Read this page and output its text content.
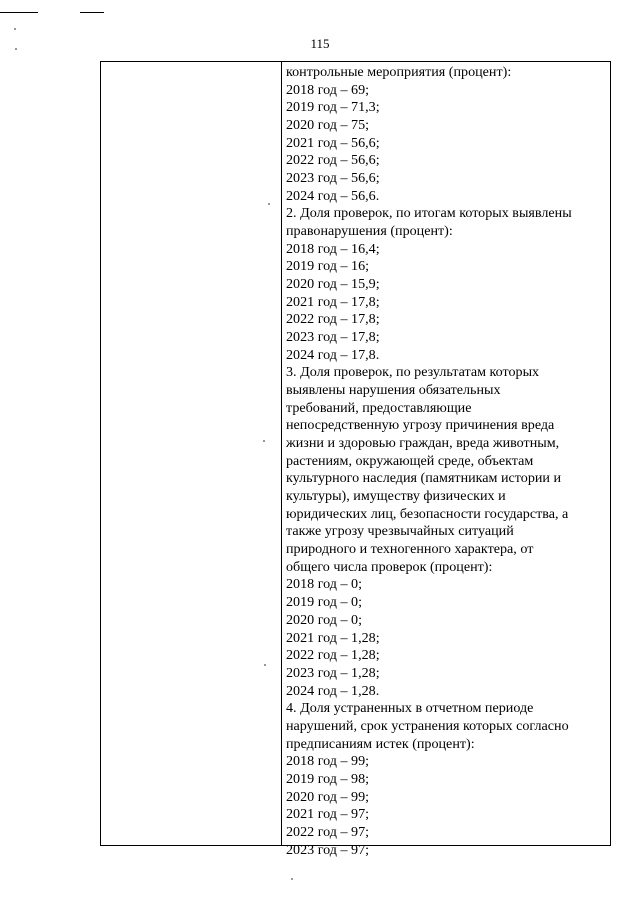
115
контрольные мероприятия (процент):
2018 год – 69;
2019 год – 71,3;
2020 год – 75;
2021 год – 56,6;
2022 год – 56,6;
2023 год – 56,6;
2024 год – 56,6.
2. Доля проверок, по итогам которых выявлены
правонарушения (процент):
2018 год – 16,4;
2019 год – 16;
2020 год – 15,9;
2021 год – 17,8;
2022 год – 17,8;
2023 год – 17,8;
2024 год – 17,8.
3. Доля проверок, по результатам которых
выявлены нарушения обязательных
требований, предоставляющие
непосредственную угрозу причинения вреда
жизни и здоровью граждан, вреда животным,
растениям, окружающей среде, объектам
культурного наследия (памятникам истории и
культуры), имуществу физических и
юридических лиц, безопасности государства, а
также угрозу чрезвычайных ситуаций
природного и техногенного характера, от
общего числа проверок (процент):
2018 год – 0;
2019 год – 0;
2020 год – 0;
2021 год – 1,28;
2022 год – 1,28;
2023 год – 1,28;
2024 год – 1,28.
4. Доля устраненных в отчетном периоде
нарушений, срок устранения которых согласно
предписаниям истек (процент):
2018 год – 99;
2019 год – 98;
2020 год – 99;
2021 год – 97;
2022 год – 97;
2023 год – 97;
